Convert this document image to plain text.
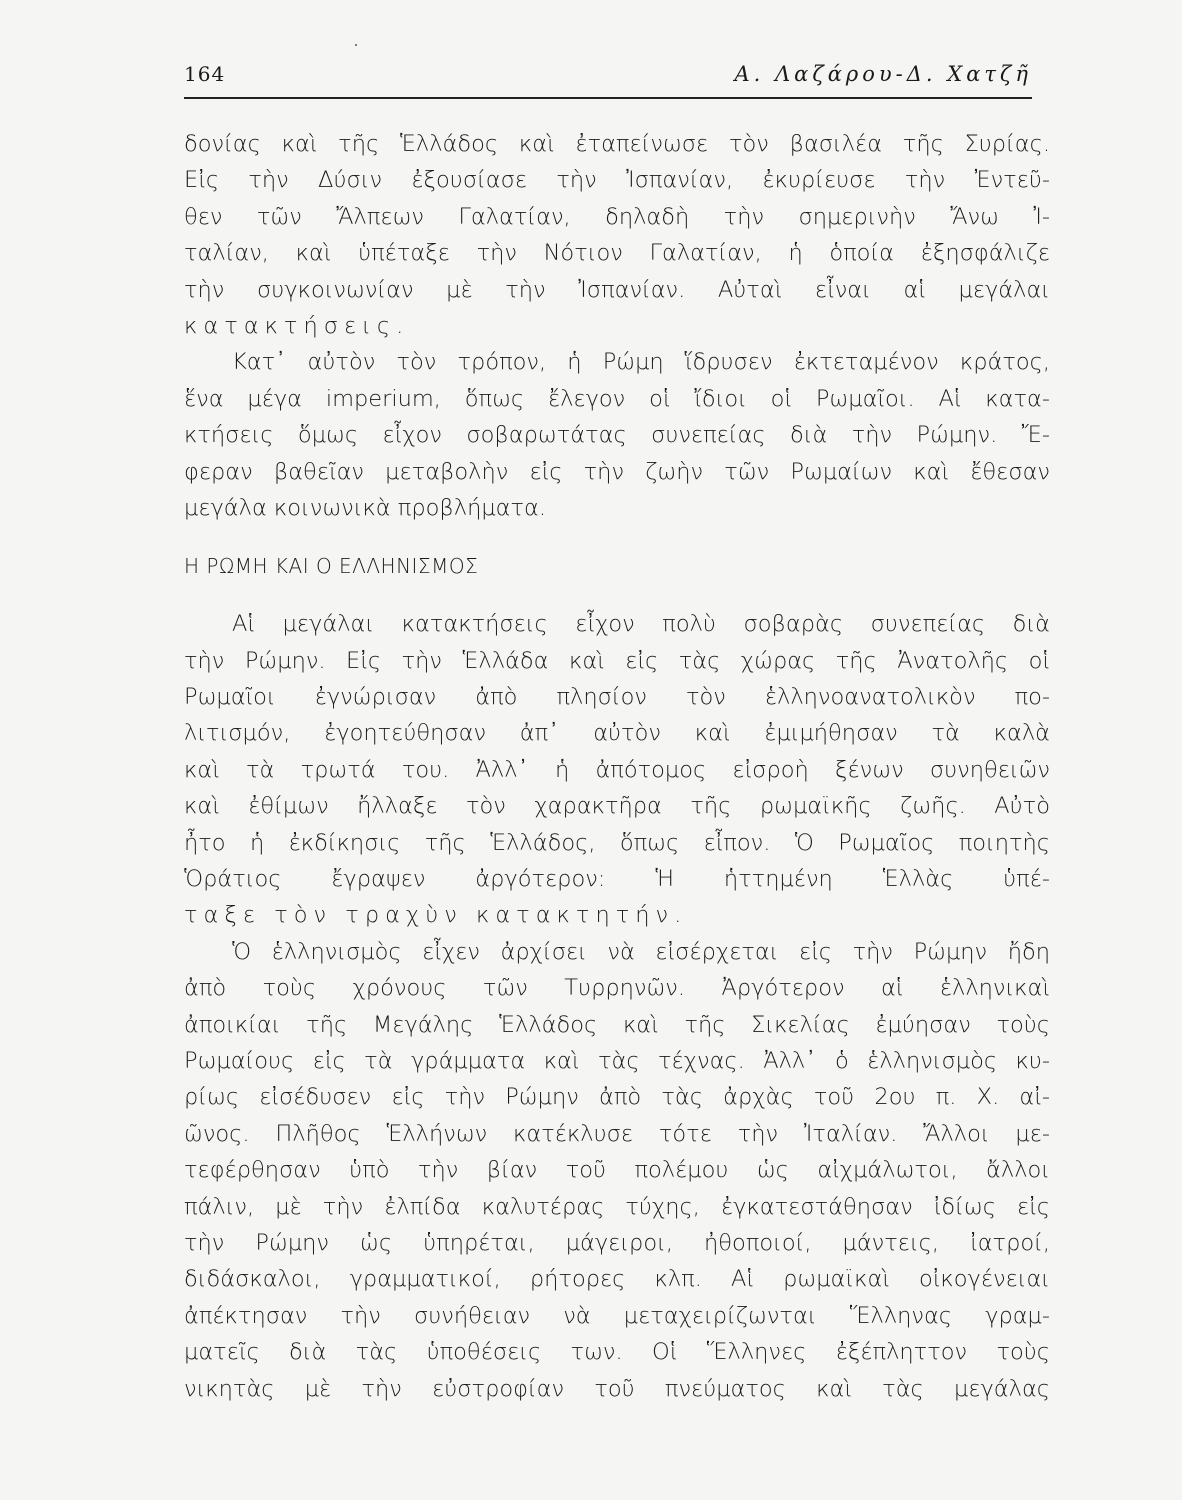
164	Α. Λαζάρου-Δ. Χατζῆ
δονίας καὶ τῆς Ἑλλάδος καὶ ἐταπείνωσε τὸν βασιλέα τῆς Συρίας.
Εἰς τὴν Δύσιν ἐξουσίασε τὴν Ἰσπανίαν, ἐκυρίευσε τὴν Ἐντεῦ-
θεν τῶν Ἄλπεων Γαλατίαν, δηλαδὴ τὴν σημερινὴν Ἄνω Ἰ-
ταλίαν, καὶ ὑπέταξε τὴν Νότιον Γαλατίαν, ἡ ὁποία ἐξησφάλιζε
τὴν συγκοινωνίαν μὲ τὴν Ἰσπανίαν. Αὐταὶ εἶναι αἱ μεγάλαι
κατακτήσεις.
Κατ᾽ αὐτὸν τὸν τρόπον, ἡ Ρώμη ἵδρυσεν ἐκτεταμένον κράτος,
ἕνα μέγα imperium, ὅπως ἔλεγον οἱ ἴδιοι οἱ Ρωμαῖοι. Αἱ κατα-
κτήσεις ὅμως εἶχον σοβαρωτάτας συνεπείας διὰ τὴν Ρώμην. Ἔ-
φεραν βαθεῖαν μεταβολὴν εἰς τὴν ζωὴν τῶν Ρωμαίων καὶ ἔθεσαν
μεγάλα κοινωνικὰ προβλήματα.
Η ΡΩΜΗ ΚΑΙ Ο ΕΛΛΗΝΙΣΜΟΣ
Αἱ μεγάλαι κατακτήσεις εἶχον πολὺ σοβαρὰς συνεπείας διὰ
τὴν Ρώμην. Εἰς τὴν Ἑλλάδα καὶ εἰς τὰς χώρας τῆς Ἀνατολῆς οἱ
Ρωμαῖοι ἐγνώρισαν ἀπὸ πλησίον τὸν ἑλληνοανατολικὸν πο-
λιτισμόν, ἐγοητεύθησαν ἀπ᾽ αὐτὸν καὶ ἐμιμήθησαν τὰ καλὰ
καὶ τὰ τρωτά του. Ἀλλ᾽ ἡ ἀπότομος εἰσροὴ ξένων συνηθειῶν
καὶ ἐθίμων ἤλλαξε τὸν χαρακτῆρα τῆς ρωμαϊκῆς ζωῆς. Αὐτὸ
ἦτο ἡ ἐκδίκησις τῆς Ἑλλάδος, ὅπως εἶπον. Ὁ Ρωμαῖος ποιητὴς
Ὁράτιος ἔγραψεν ἀργότερον: Ἡ ἡττημένη Ἑλλὰς ὑπέ-
ταξε τὸν τραχὺν κατακτητήν.
Ὁ ἑλληνισμὸς εἶχεν ἀρχίσει νὰ εἰσέρχεται εἰς τὴν Ρώμην ἤδη
ἀπὸ τοὺς χρόνους τῶν Τυρρηνῶν. Ἀργότερον αἱ ἑλληνικαὶ
ἀποικίαι τῆς Μεγάλης Ἑλλάδος καὶ τῆς Σικελίας ἐμύησαν τοὺς
Ρωμαίους εἰς τὰ γράμματα καὶ τὰς τέχνας. Ἀλλ᾽ ὁ ἑλληνισμὸς κυ-
ρίως εἰσέδυσεν εἰς τὴν Ρώμην ἀπὸ τὰς ἀρχὰς τοῦ 2ου π. Χ. αἰ-
ῶνος. Πλῆθος Ἑλλήνων κατέκλυσε τότε τὴν Ἰταλίαν. Ἄλλοι με-
τεφέρθησαν ὑπὸ τὴν βίαν τοῦ πολέμου ὡς αἰχμάλωτοι, ἄλλοι
πάλιν, μὲ τὴν ἐλπίδα καλυτέρας τύχης, ἐγκατεστάθησαν ἰδίως εἰς
τὴν Ρώμην ὡς ὑπηρέται, μάγειροι, ἠθοποιοί, μάντεις, ἰατροί,
διδάσκαλοι, γραμματικοί, ρήτορες κλπ. Αἱ ρωμαϊκαὶ οἰκογένειαι
ἀπέκτησαν τὴν συνήθειαν νὰ μεταχειρίζωνται Ἕλληνας γραμ-
ματεῖς διὰ τὰς ὑποθέσεις των. Οἱ Ἕλληνες ἐξέπληττον τοὺς
νικητὰς μὲ τὴν εὐστροφίαν τοῦ πνεύματος καὶ τὰς μεγάλας
